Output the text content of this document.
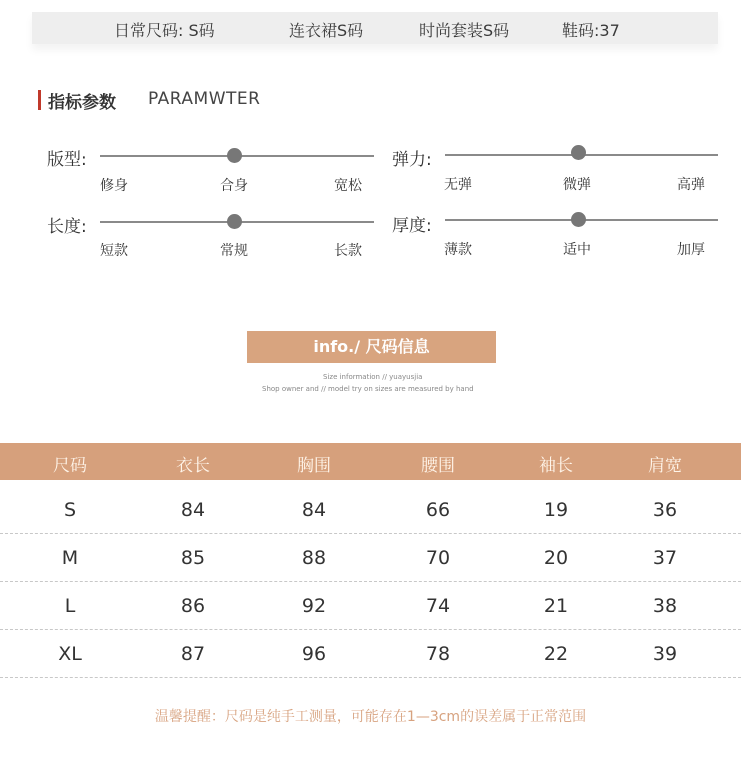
日常尺码: S码	连衣裙S码	时尚套装S码	鞋码:37
指标参数 PARAMWTER
版型:
修身	合身	宽松
弹力:
无弹	微弹	高弹
长度:
短款	常规	长款
厚度:
薄款	适中	加厚
info./ 尺码信息
Size information // yuayusjia
Shop owner and // model try on sizes are measured by hand
尺码	衣长	胸围	腰围	袖长	肩宽
S	84	84	66	19	36
M	85	88	70	20	37
L	86	92	74	21	38
XL	87	96	78	22	39
温馨提醒：尺码是纯手工测量，可能存在1—3cm的误差属于正常范围
